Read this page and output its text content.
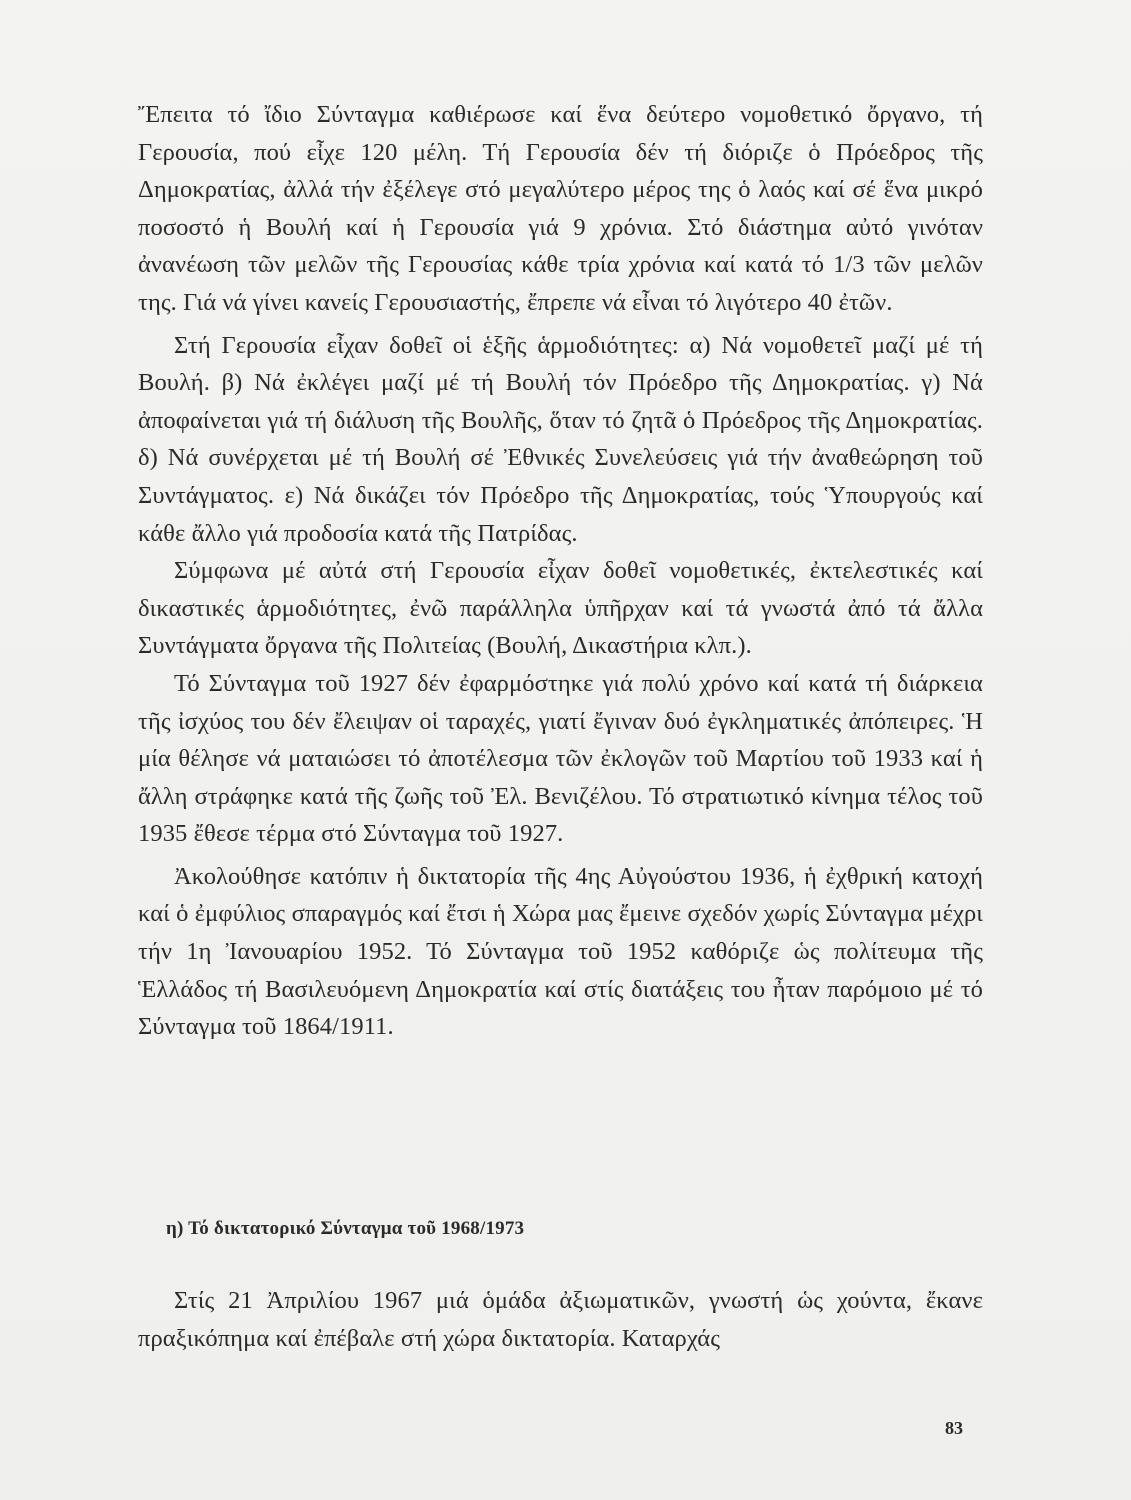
Ἔπειτα τό ἴδιο Σύνταγμα καθιέρωσε καί ἕνα δεύτερο νομοθετικό ὄργανο, τή Γερουσία, πού εἶχε 120 μέλη. Τή Γερουσία δέν τή διόριζε ὁ Πρόεδρος τῆς Δημοκρατίας, ἀλλά τήν ἐξέλεγε στό μεγαλύτερο μέρος της ὁ λαός καί σέ ἕνα μικρό ποσοστό ἡ Βουλή καί ἡ Γερουσία γιά 9 χρόνια. Στό διάστημα αὐτό γινόταν ἀνανέωση τῶν μελῶν τῆς Γερουσίας κάθε τρία χρόνια καί κατά τό 1/3 τῶν μελῶν της. Γιά νά γίνει κανείς Γερουσιαστής, ἔπρεπε νά εἶναι τό λιγότερο 40 ἐτῶν.

Στή Γερουσία εἶχαν δοθεῖ οἱ ἑξῆς ἁρμοδιότητες: α) Νά νομοθετεῖ μαζί μέ τή Βουλή. β) Νά ἐκλέγει μαζί μέ τή Βουλή τόν Πρόεδρο τῆς Δημοκρατίας. γ) Νά ἀποφαίνεται γιά τή διάλυση τῆς Βουλῆς, ὅταν τό ζητᾶ ὁ Πρόεδρος τῆς Δημοκρατίας. δ) Νά συνέρχεται μέ τή Βουλή σέ Ἐθνικές Συνελεύσεις γιά τήν ἀναθεώρηση τοῦ Συντάγματος. ε) Νά δικάζει τόν Πρόεδρο τῆς Δημοκρατίας, τούς Ὑπουργούς καί κάθε ἄλλο γιά προδοσία κατά τῆς Πατρίδας.

Σύμφωνα μέ αὐτά στή Γερουσία εἶχαν δοθεῖ νομοθετικές, ἐκτελεστικές καί δικαστικές ἁρμοδιότητες, ἐνῶ παράλληλα ὑπῆρχαν καί τά γνωστά ἀπό τά ἄλλα Συντάγματα ὄργανα τῆς Πολιτείας (Βουλή, Δικαστήρια κλπ.).

Τό Σύνταγμα τοῦ 1927 δέν ἐφαρμόστηκε γιά πολύ χρόνο καί κατά τή διάρκεια τῆς ἰσχύος του δέν ἔλειψαν οἱ ταραχές, γιατί ἔγιναν δυό ἐγκληματικές ἀπόπειρες. Ἡ μία θέλησε νά ματαιώσει τό ἀποτέλεσμα τῶν ἐκλογῶν τοῦ Μαρτίου τοῦ 1933 καί ἡ ἄλλη στράφηκε κατά τῆς ζωῆς τοῦ Ἐλ. Βενιζέλου. Τό στρατιωτικό κίνημα τέλος τοῦ 1935 ἔθεσε τέρμα στό Σύνταγμα τοῦ 1927.

Ἀκολούθησε κατόπιν ἡ δικτατορία τῆς 4ης Αὐγούστου 1936, ἡ ἐχθρική κατοχή καί ὁ ἐμφύλιος σπαραγμός καί ἔτσι ἡ Χώρα μας ἔμεινε σχεδόν χωρίς Σύνταγμα μέχρι τήν 1η Ἰανουαρίου 1952. Τό Σύνταγμα τοῦ 1952 καθόριζε ὡς πολίτευμα τῆς Ἑλλάδος τή Βασιλευόμενη Δημοκρατία καί στίς διατάξεις του ἦταν παρόμοιο μέ τό Σύνταγμα τοῦ 1864/1911.

η) Τό δικτατορικό Σύνταγμα τοῦ 1968/1973

Στίς 21 Ἀπριλίου 1967 μιά ὁμάδα ἀξιωματικῶν, γνωστή ὡς χούντα, ἔκανε πραξικόπημα καί ἐπέβαλε στή χώρα δικτατορία. Καταρχάς

83
